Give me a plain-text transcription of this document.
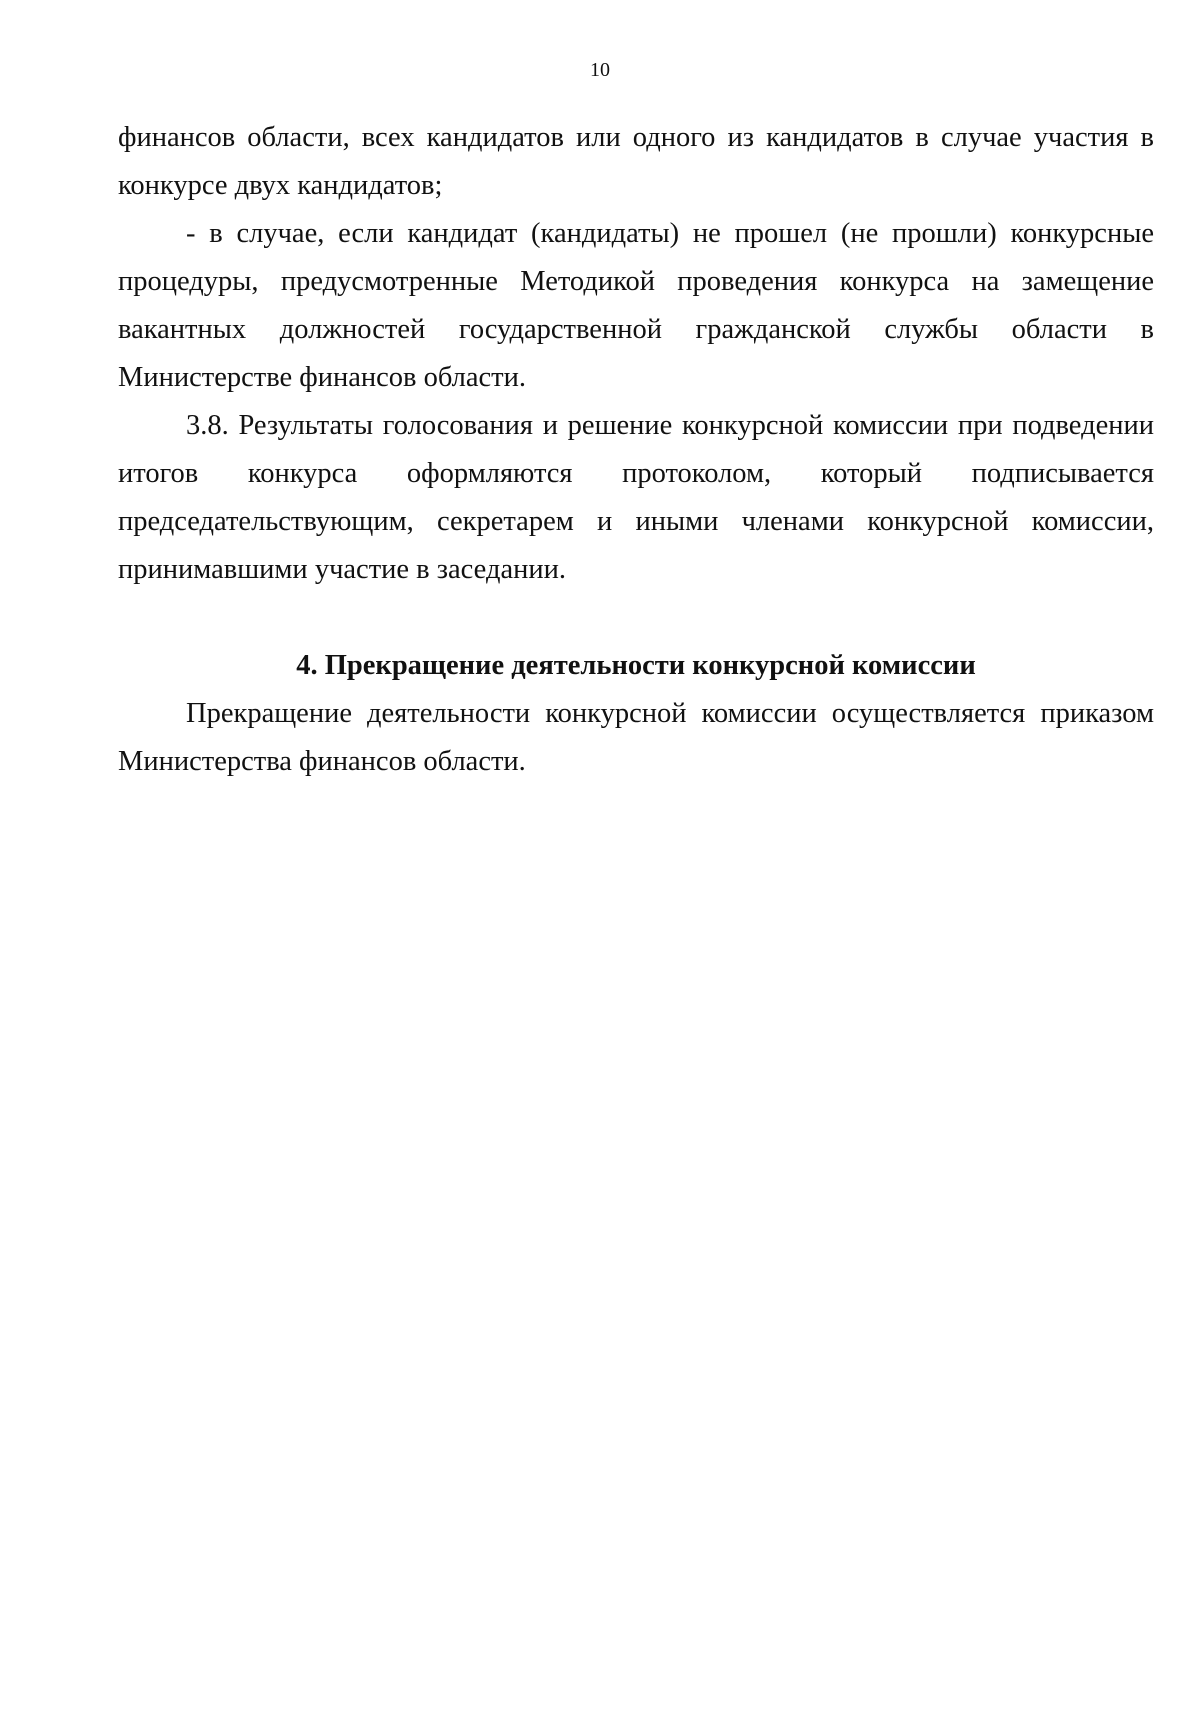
10

финансов области, всех кандидатов или одного из кандидатов в случае участия в конкурсе двух кандидатов;

- в случае, если кандидат (кандидаты) не прошел (не прошли) конкурсные процедуры, предусмотренные Методикой проведения конкурса на замещение вакантных должностей государственной гражданской службы области в Министерстве финансов области.

3.8. Результаты голосования и решение конкурсной комиссии при подведении итогов конкурса оформляются протоколом, который подписывается председательствующим, секретарем и иными членами конкурсной комиссии, принимавшими участие в заседании.

4. Прекращение деятельности конкурсной комиссии

Прекращение деятельности конкурсной комиссии осуществляется приказом Министерства финансов области.
